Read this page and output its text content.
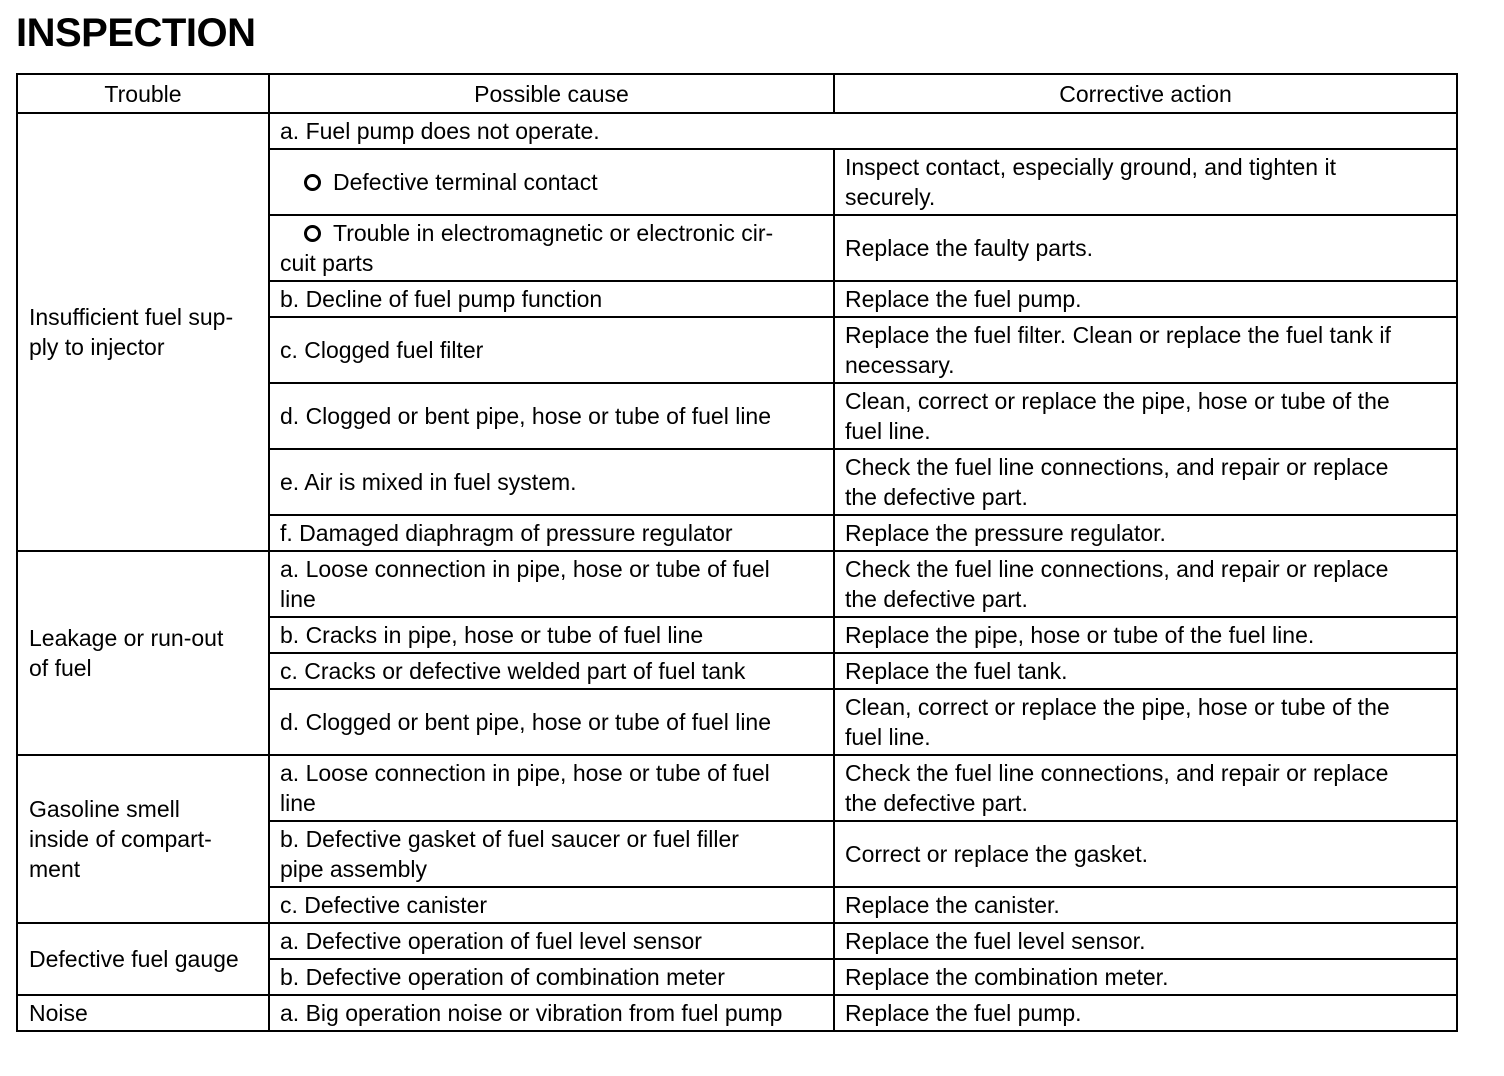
INSPECTION
Trouble	Possible cause	Corrective action
Insufficient fuel sup-
ply to injector	a. Fuel pump does not operate.	
	Defective terminal contact	Inspect contact, especially ground, and tighten it
securely.
	Trouble in electromagnetic or electronic cir-
cuit parts	Replace the faulty parts.
	b. Decline of fuel pump function	Replace the fuel pump.
	c. Clogged fuel filter	Replace the fuel filter. Clean or replace the fuel tank if
necessary.
	d. Clogged or bent pipe, hose or tube of fuel line	Clean, correct or replace the pipe, hose or tube of the
fuel line.
	e. Air is mixed in fuel system.	Check the fuel line connections, and repair or replace
the defective part.
	f. Damaged diaphragm of pressure regulator	Replace the pressure regulator.
Leakage or run-out
of fuel	a. Loose connection in pipe, hose or tube of fuel
line	Check the fuel line connections, and repair or replace
the defective part.
	b. Cracks in pipe, hose or tube of fuel line	Replace the pipe, hose or tube of the fuel line.
	c. Cracks or defective welded part of fuel tank	Replace the fuel tank.
	d. Clogged or bent pipe, hose or tube of fuel line	Clean, correct or replace the pipe, hose or tube of the
fuel line.
Gasoline smell
inside of compart-
ment	a. Loose connection in pipe, hose or tube of fuel
line	Check the fuel line connections, and repair or replace
the defective part.
	b. Defective gasket of fuel saucer or fuel filler
pipe assembly	Correct or replace the gasket.
	c. Defective canister	Replace the canister.
Defective fuel gauge	a. Defective operation of fuel level sensor	Replace the fuel level sensor.
	b. Defective operation of combination meter	Replace the combination meter.
Noise	a. Big operation noise or vibration from fuel pump	Replace the fuel pump.
